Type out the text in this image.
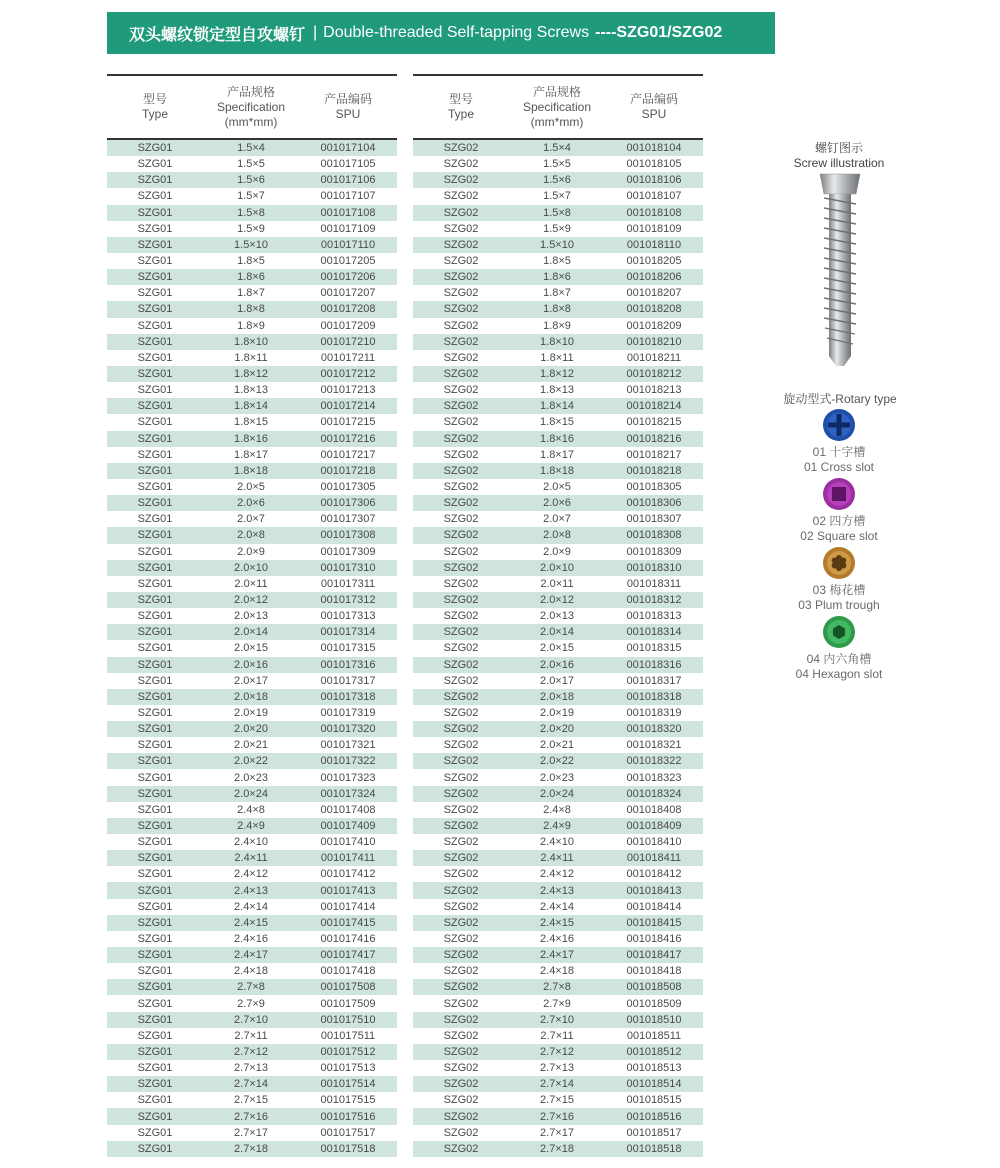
双头螺纹锁定型自攻螺钉 | Double-threaded Self-tapping Screws ----SZG01/SZG02
型号
Type
产品规格
Specification
(mm*mm)
产品编码
SPU
SZG01	1.5×4	001017104
SZG01	1.5×5	001017105
SZG01	1.5×6	001017106
SZG01	1.5×7	001017107
SZG01	1.5×8	001017108
SZG01	1.5×9	001017109
SZG01	1.5×10	001017110
SZG01	1.8×5	001017205
SZG01	1.8×6	001017206
SZG01	1.8×7	001017207
SZG01	1.8×8	001017208
SZG01	1.8×9	001017209
SZG01	1.8×10	001017210
SZG01	1.8×11	001017211
SZG01	1.8×12	001017212
SZG01	1.8×13	001017213
SZG01	1.8×14	001017214
SZG01	1.8×15	001017215
SZG01	1.8×16	001017216
SZG01	1.8×17	001017217
SZG01	1.8×18	001017218
SZG01	2.0×5	001017305
SZG01	2.0×6	001017306
SZG01	2.0×7	001017307
SZG01	2.0×8	001017308
SZG01	2.0×9	001017309
SZG01	2.0×10	001017310
SZG01	2.0×11	001017311
SZG01	2.0×12	001017312
SZG01	2.0×13	001017313
SZG01	2.0×14	001017314
SZG01	2.0×15	001017315
SZG01	2.0×16	001017316
SZG01	2.0×17	001017317
SZG01	2.0×18	001017318
SZG01	2.0×19	001017319
SZG01	2.0×20	001017320
SZG01	2.0×21	001017321
SZG01	2.0×22	001017322
SZG01	2.0×23	001017323
SZG01	2.0×24	001017324
SZG01	2.4×8	001017408
SZG01	2.4×9	001017409
SZG01	2.4×10	001017410
SZG01	2.4×11	001017411
SZG01	2.4×12	001017412
SZG01	2.4×13	001017413
SZG01	2.4×14	001017414
SZG01	2.4×15	001017415
SZG01	2.4×16	001017416
SZG01	2.4×17	001017417
SZG01	2.4×18	001017418
SZG01	2.7×8	001017508
SZG01	2.7×9	001017509
SZG01	2.7×10	001017510
SZG01	2.7×11	001017511
SZG01	2.7×12	001017512
SZG01	2.7×13	001017513
SZG01	2.7×14	001017514
SZG01	2.7×15	001017515
SZG01	2.7×16	001017516
SZG01	2.7×17	001017517
SZG01	2.7×18	001017518
型号
Type
产品规格
Specification
(mm*mm)
产品编码
SPU
SZG02	1.5×4	001018104
SZG02	1.5×5	001018105
SZG02	1.5×6	001018106
SZG02	1.5×7	001018107
SZG02	1.5×8	001018108
SZG02	1.5×9	001018109
SZG02	1.5×10	001018110
SZG02	1.8×5	001018205
SZG02	1.8×6	001018206
SZG02	1.8×7	001018207
SZG02	1.8×8	001018208
SZG02	1.8×9	001018209
SZG02	1.8×10	001018210
SZG02	1.8×11	001018211
SZG02	1.8×12	001018212
SZG02	1.8×13	001018213
SZG02	1.8×14	001018214
SZG02	1.8×15	001018215
SZG02	1.8×16	001018216
SZG02	1.8×17	001018217
SZG02	1.8×18	001018218
SZG02	2.0×5	001018305
SZG02	2.0×6	001018306
SZG02	2.0×7	001018307
SZG02	2.0×8	001018308
SZG02	2.0×9	001018309
SZG02	2.0×10	001018310
SZG02	2.0×11	001018311
SZG02	2.0×12	001018312
SZG02	2.0×13	001018313
SZG02	2.0×14	001018314
SZG02	2.0×15	001018315
SZG02	2.0×16	001018316
SZG02	2.0×17	001018317
SZG02	2.0×18	001018318
SZG02	2.0×19	001018319
SZG02	2.0×20	001018320
SZG02	2.0×21	001018321
SZG02	2.0×22	001018322
SZG02	2.0×23	001018323
SZG02	2.0×24	001018324
SZG02	2.4×8	001018408
SZG02	2.4×9	001018409
SZG02	2.4×10	001018410
SZG02	2.4×11	001018411
SZG02	2.4×12	001018412
SZG02	2.4×13	001018413
SZG02	2.4×14	001018414
SZG02	2.4×15	001018415
SZG02	2.4×16	001018416
SZG02	2.4×17	001018417
SZG02	2.4×18	001018418
SZG02	2.7×8	001018508
SZG02	2.7×9	001018509
SZG02	2.7×10	001018510
SZG02	2.7×11	001018511
SZG02	2.7×12	001018512
SZG02	2.7×13	001018513
SZG02	2.7×14	001018514
SZG02	2.7×15	001018515
SZG02	2.7×16	001018516
SZG02	2.7×17	001018517
SZG02	2.7×18	001018518
螺钉图示
Screw illustration
旋动型式-Rotary type
01 十字槽
01 Cross slot
02 四方槽
02 Square slot
03 梅花槽
03 Plum trough
04 内六角槽
04 Hexagon slot
